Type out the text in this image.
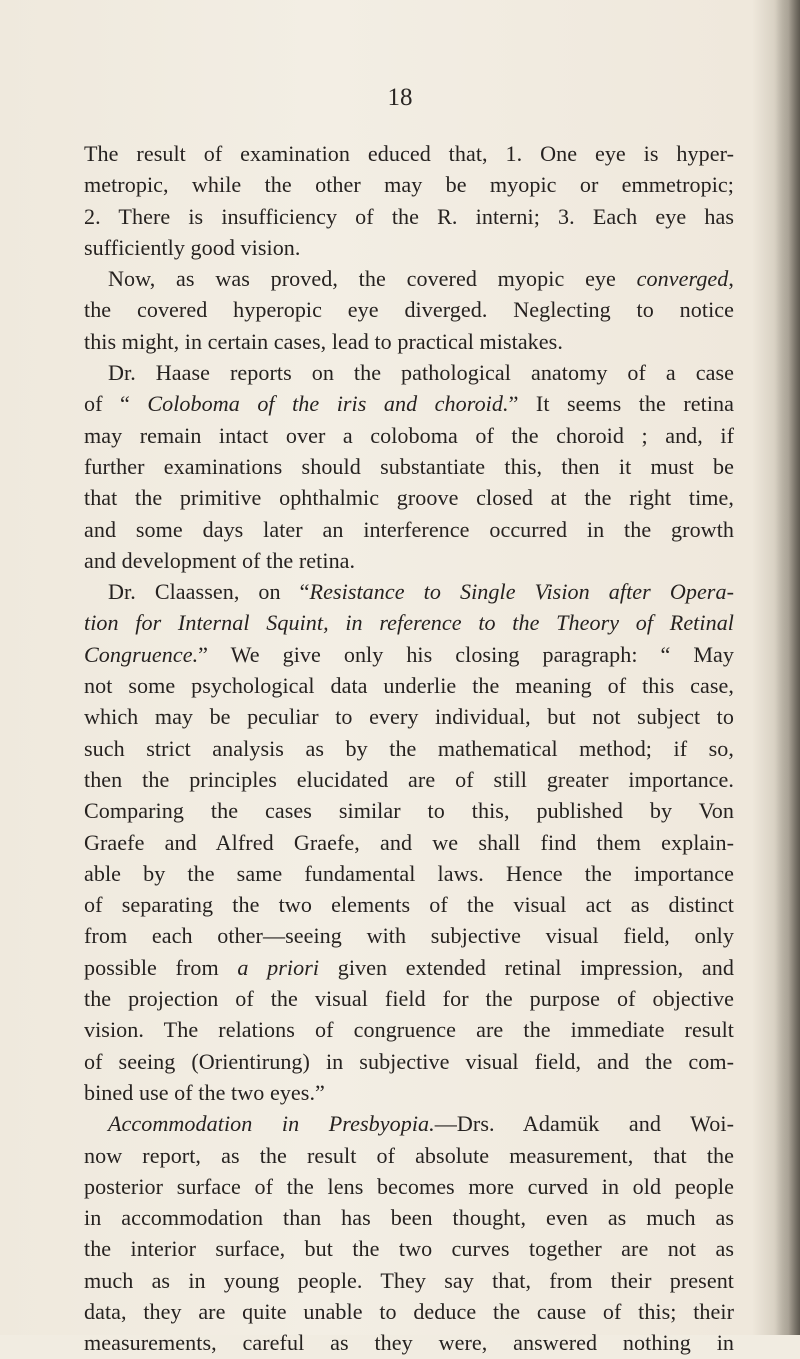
18
The result of examination educed that, 1. One eye is hyper-
metropic, while the other may be myopic or emmetropic;
2. There is insufficiency of the R. interni; 3. Each eye has
sufficiently good vision.
Now, as was proved, the covered myopic eye converged,
the covered hyperopic eye diverged. Neglecting to notice
this might, in certain cases, lead to practical mistakes.
Dr. Haase reports on the pathological anatomy of a case
of “ Coloboma of the iris and choroid.” It seems the retina
may remain intact over a coloboma of the choroid ; and, if
further examinations should substantiate this, then it must be
that the primitive ophthalmic groove closed at the right time,
and some days later an interference occurred in the growth
and development of the retina.
Dr. Claassen, on “Resistance to Single Vision after Opera-
tion for Internal Squint, in reference to the Theory of Retinal
Congruence.” We give only his closing paragraph: “ May
not some psychological data underlie the meaning of this case,
which may be peculiar to every individual, but not subject to
such strict analysis as by the mathematical method; if so,
then the principles elucidated are of still greater importance.
Comparing the cases similar to this, published by Von
Graefe and Alfred Graefe, and we shall find them explain-
able by the same fundamental laws. Hence the importance
of separating the two elements of the visual act as distinct
from each other—seeing with subjective visual field, only
possible from a priori given extended retinal impression, and
the projection of the visual field for the purpose of objective
vision. The relations of congruence are the immediate result
of seeing (Orientirung) in subjective visual field, and the com-
bined use of the two eyes.”
Accommodation in Presbyopia.—Drs. Adamük and Woi-
now report, as the result of absolute measurement, that the
posterior surface of the lens becomes more curved in old people
in accommodation than has been thought, even as much as
the interior surface, but the two curves together are not as
much as in young people. They say that, from their present
data, they are quite unable to deduce the cause of this; their
measurements, careful as they were, answered nothing in
